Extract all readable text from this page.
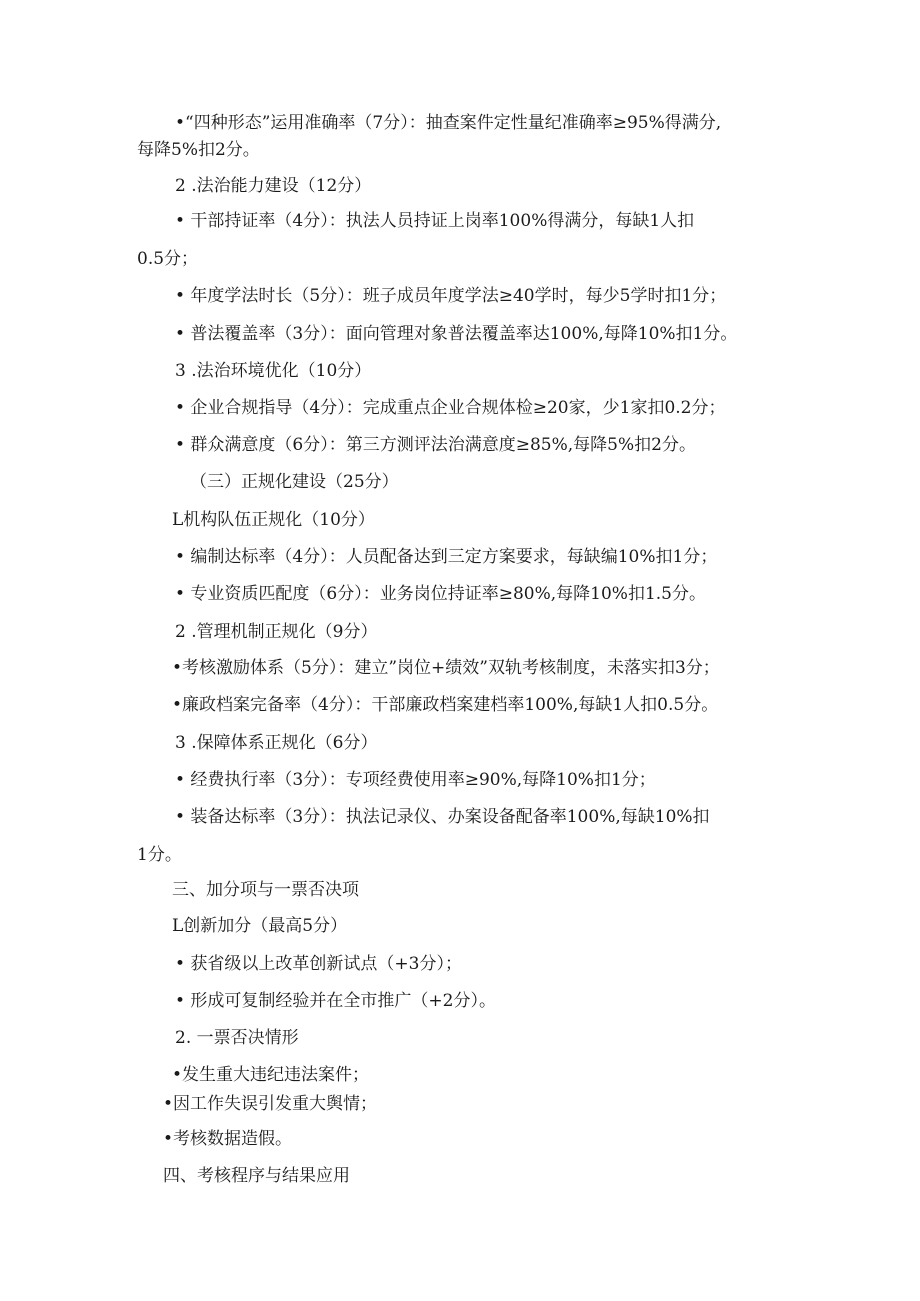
•“四种形态”运用准确率（7分）：抽查案件定性量纪准确率≥95%得满分,
每降5%扣2分。
2 .法治能力建设（12分）
• 干部持证率（4分）：执法人员持证上岗率100%得满分，每缺1人扣
0.5分；
• 年度学法时长（5分）：班子成员年度学法≥40学时，每少5学时扣1分；
• 普法覆盖率（3分）：面向管理对象普法覆盖率达100%,每降10%扣1分。
3 .法治环境优化（10分）
• 企业合规指导（4分）：完成重点企业合规体检≥20家，少1家扣0.2分；
• 群众满意度（6分）：第三方测评法治满意度≥85%,每降5%扣2分。
（三）正规化建设（25分）
L机构队伍正规化（10分）
• 编制达标率（4分）：人员配备达到三定方案要求，每缺编10%扣1分；
• 专业资质匹配度（6分）：业务岗位持证率≥80%,每降10%扣1.5分。
2 .管理机制正规化（9分）
•考核激励体系（5分）：建立”岗位+绩效”双轨考核制度，未落实扣3分；
•廉政档案完备率（4分）：干部廉政档案建档率100%,每缺1人扣0.5分。
3 .保障体系正规化（6分）
• 经费执行率（3分）：专项经费使用率≥90%,每降10%扣1分；
• 装备达标率（3分）：执法记录仪、办案设备配备率100%,每缺10%扣
1分。
三、加分项与一票否决项
L创新加分（最高5分）
• 获省级以上改革创新试点（+3分）；
• 形成可复制经验并在全市推广（+2分）。
2. 一票否决情形
•发生重大违纪违法案件；
•因工作失误引发重大舆情；
•考核数据造假。
四、考核程序与结果应用
